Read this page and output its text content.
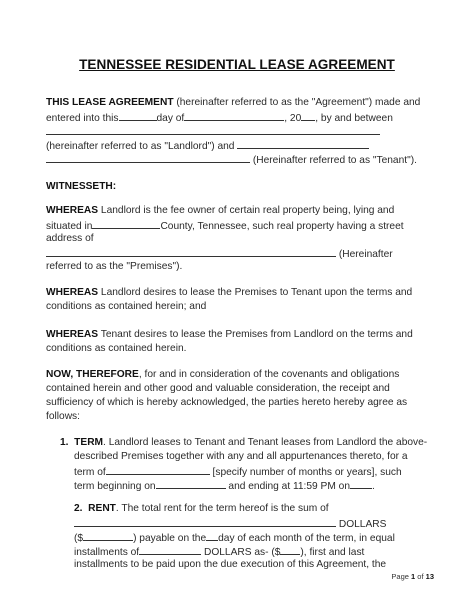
TENNESSEE RESIDENTIAL LEASE AGREEMENT
THIS LEASE AGREEMENT (hereinafter referred to as the "Agreement") made and
entered into this	day of	, 20 , by and between
(hereinafter referred to as "Landlord") and
(Hereinafter referred to as "Tenant").
WITNESSETH:
WHEREAS Landlord is the fee owner of certain real property being, lying and
situated in	County, Tennessee, such real property having a street
address of
(Hereinafter
referred to as the "Premises").
WHEREAS Landlord desires to lease the Premises to Tenant upon the terms and
conditions as contained herein; and
WHEREAS Tenant desires to lease the Premises from Landlord on the terms and
conditions as contained herein.
NOW, THEREFORE, for and in consideration of the covenants and obligations
contained herein and other good and valuable consideration, the receipt and
sufficiency of which is hereby acknowledged, the parties hereto hereby agree as
follows:
1. TERM. Landlord leases to Tenant and Tenant leases from Landlord the above-
described Premises together with any and all appurtenances thereto, for a
term of	[specify number of months or years], such
term beginning on	and ending at 11:59 PM on .
2. RENT. The total rent for the term hereof is the sum of
DOLLARS
($	) payable on the day of each month of the term, in equal
installments of	DOLLARS as- ($ ), first and last
installments to be paid upon the due execution of this Agreement, the
Page 1 of 13
